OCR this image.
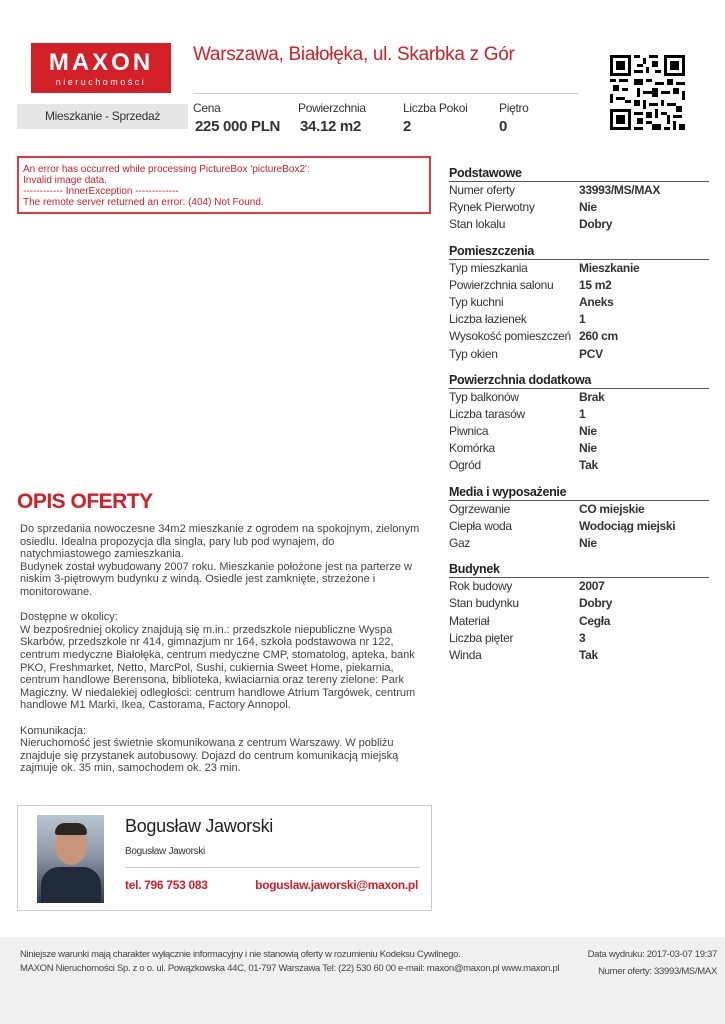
MAXON
nieruchomości
Warszawa, Białołęka, ul. Skarbka z Gór
Mieszkanie - Sprzedaż
Cena
225 000 PLN
Powierzchnia
34.12 m2
Liczba Pokoi
2
Piętro
0
An error has occurred while processing PictureBox 'pictureBox2':
Invalid image data.
------------ InnerException -------------
The remote server returned an error: (404) Not Found.
Podstawowe
Numer oferty	33993/MS/MAX
Rynek Pierwotny	Nie
Stan lokalu	Dobry
Pomieszczenia
Typ mieszkania	Mieszkanie
Powierzchnia salonu	15 m2
Typ kuchni	Aneks
Liczba łazienek	1
Wysokość pomieszczeń 260 cm
Typ okien	PCV
Powierzchnia dodatkowa
Typ balkonów	Brak
Liczba tarasów	1
Piwnica	Nie
Komórka	Nie
Ogród	Tak
Media i wyposażenie
Ogrzewanie	CO miejskie
Ciepła woda	Wodociąg miejski
Gaz	Nie
Budynek
Rok budowy	2007
Stan budynku	Dobry
Materiał	Cegła
Liczba pięter	3
Winda	Tak
OPIS OFERTY

Do sprzedania nowoczesne 34m2 mieszkanie z ogrodem na spokojnym, zielonym osiedlu. Idealna propozycja dla singla, pary lub pod wynajem, do natychmiastowego zamieszkania.
Budynek został wybudowany 2007 roku. Mieszkanie położone jest na parterze w niskim 3-piętrowym budynku z windą. Osiedle jest zamknięte, strzeżone i monitorowane.

Dostępne w okolicy:
W bezpośredniej okolicy znajdują się m.in.: przedszkole niepubliczne Wyspa Skarbów, przedszkole nr 414, gimnazjum nr 164, szkoła podstawowa nr 122, centrum medyczne Białołęka, centrum medyczne CMP, stomatolog, apteka, bank PKO, Freshmarket, Netto, MarcPol, Sushi, cukiernia Sweet Home, piekarnia, centrum handlowe Berensona, biblioteka, kwiaciarnia oraz tereny zielone: Park Magiczny. W niedalekiej odległości: centrum handlowe Atrium Targówek, centrum handlowe M1 Marki, Ikea, Castorama, Factory Annopol.

Komunikacja:
Nieruchomość jest świetnie skomunikowana z centrum Warszawy. W pobliżu znajduje się przystanek autobusowy. Dojazd do centrum komunikacją miejską zajmuje ok. 35 min, samochodem ok. 23 min.

Bogusław Jaworski
Bogusław Jaworski
tel. 796 753 083	boguslaw.jaworski@maxon.pl
Niniejsze warunki mają charakter wyłącznie informacyjny i nie stanowią oferty w rozumieniu Kodeksu Cywilnego.
MAXON Nieruchomości Sp. z o o. ul. Powązkowska 44C, 01-797 Warszawa Tel: (22) 530 60 00 e-mail: maxon@maxon.pl www.maxon.pl
Data wydruku: 2017-03-07 19:37
Numer oferty: 33993/MS/MAX
